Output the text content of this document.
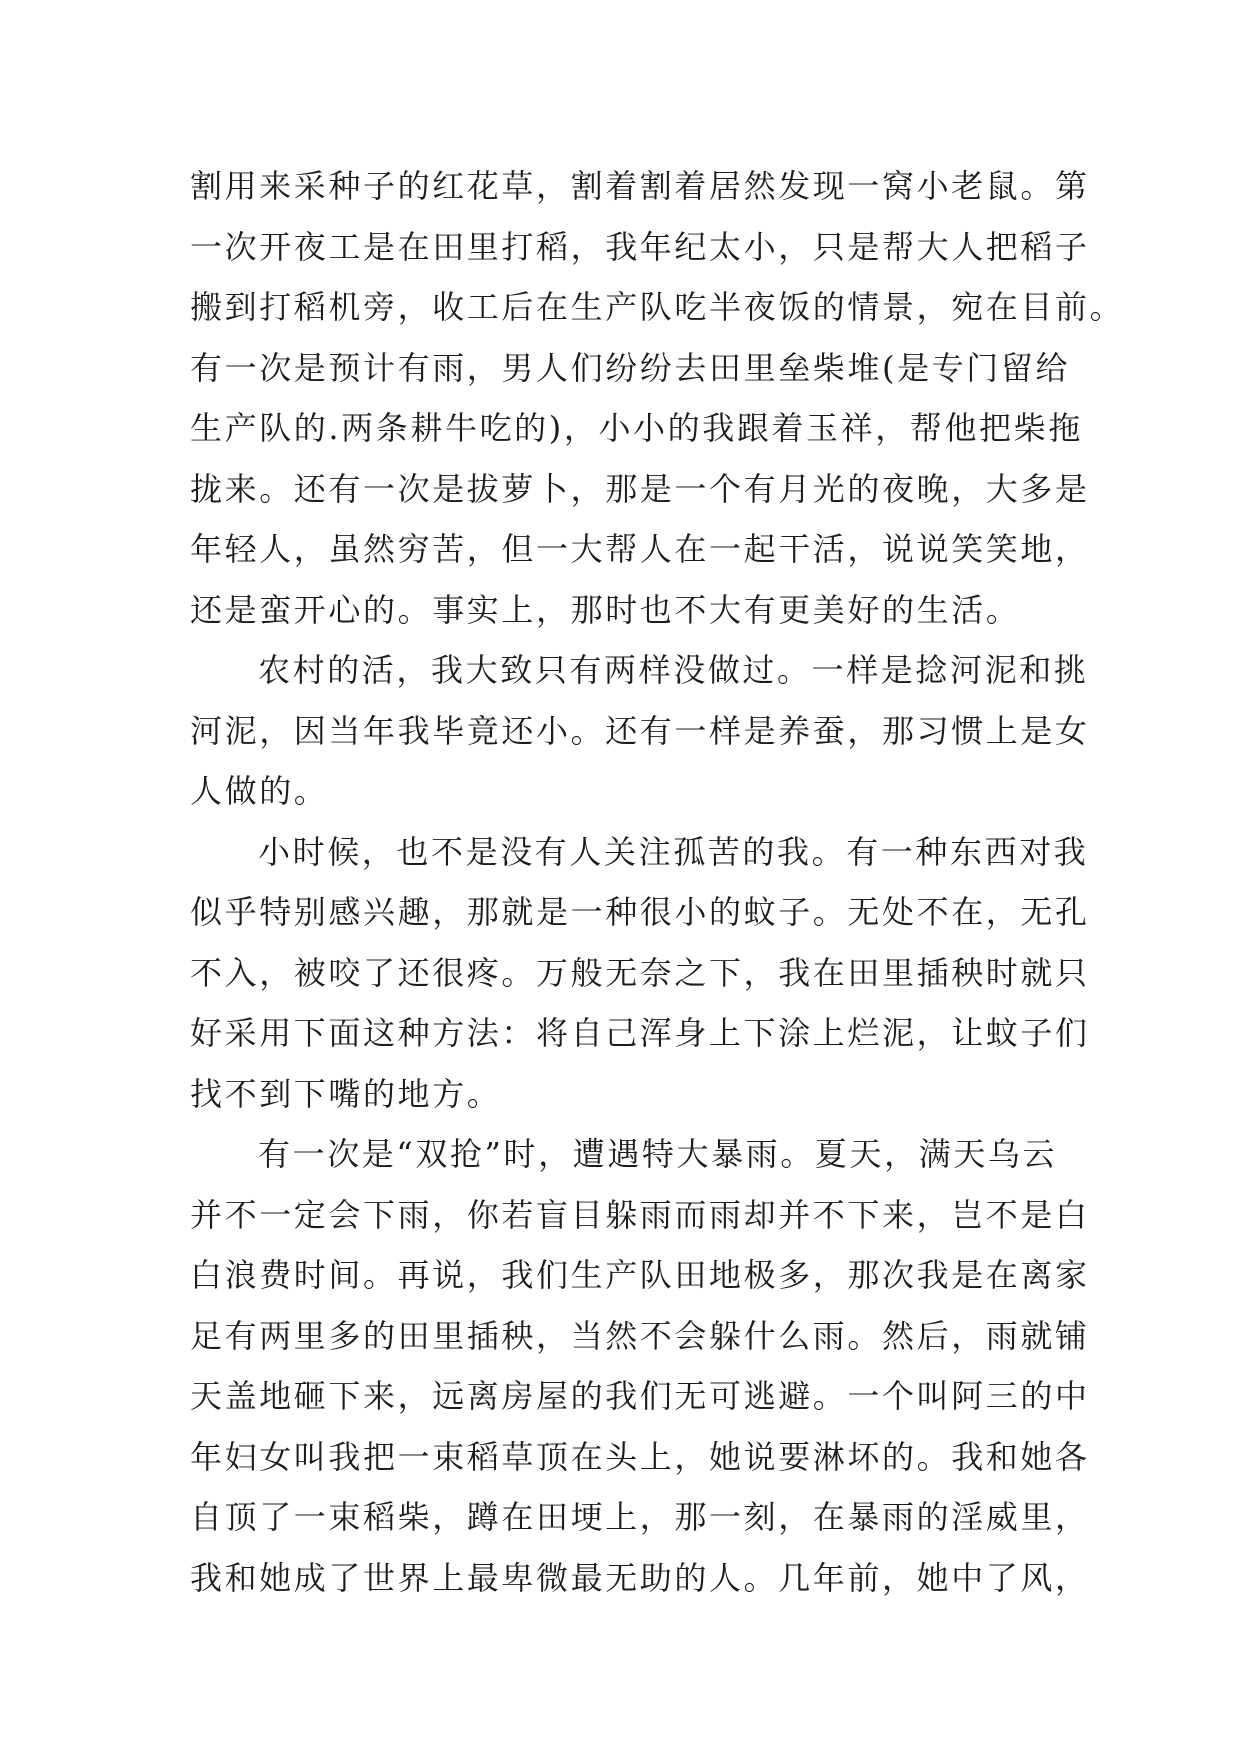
割用来采种子的红花草，割着割着居然发现一窝小老鼠。第
一次开夜工是在田里打稻，我年纪太小，只是帮大人把稻子
搬到打稻机旁，收工后在生产队吃半夜饭的情景，宛在目前。
有一次是预计有雨，男人们纷纷去田里垒柴堆(是专门留给
生产队的.两条耕牛吃的)，小小的我跟着玉祥，帮他把柴拖
拢来。还有一次是拔萝卜，那是一个有月光的夜晚，大多是
年轻人，虽然穷苦，但一大帮人在一起干活，说说笑笑地，
还是蛮开心的。事实上，那时也不大有更美好的生活。
农村的活，我大致只有两样没做过。一样是捻河泥和挑
河泥，因当年我毕竟还小。还有一样是养蚕，那习惯上是女
人做的。
小时候，也不是没有人关注孤苦的我。有一种东西对我
似乎特别感兴趣，那就是一种很小的蚊子。无处不在，无孔
不入，被咬了还很疼。万般无奈之下，我在田里插秧时就只
好采用下面这种方法：将自己浑身上下涂上烂泥，让蚊子们
找不到下嘴的地方。
有一次是“双抢”时，遭遇特大暴雨。夏天，满天乌云
并不一定会下雨，你若盲目躲雨而雨却并不下来，岂不是白
白浪费时间。再说，我们生产队田地极多，那次我是在离家
足有两里多的田里插秧，当然不会躲什么雨。然后，雨就铺
天盖地砸下来，远离房屋的我们无可逃避。一个叫阿三的中
年妇女叫我把一束稻草顶在头上，她说要淋坏的。我和她各
自顶了一束稻柴，蹲在田埂上，那一刻，在暴雨的淫威里，
我和她成了世界上最卑微最无助的人。几年前，她中了风，
